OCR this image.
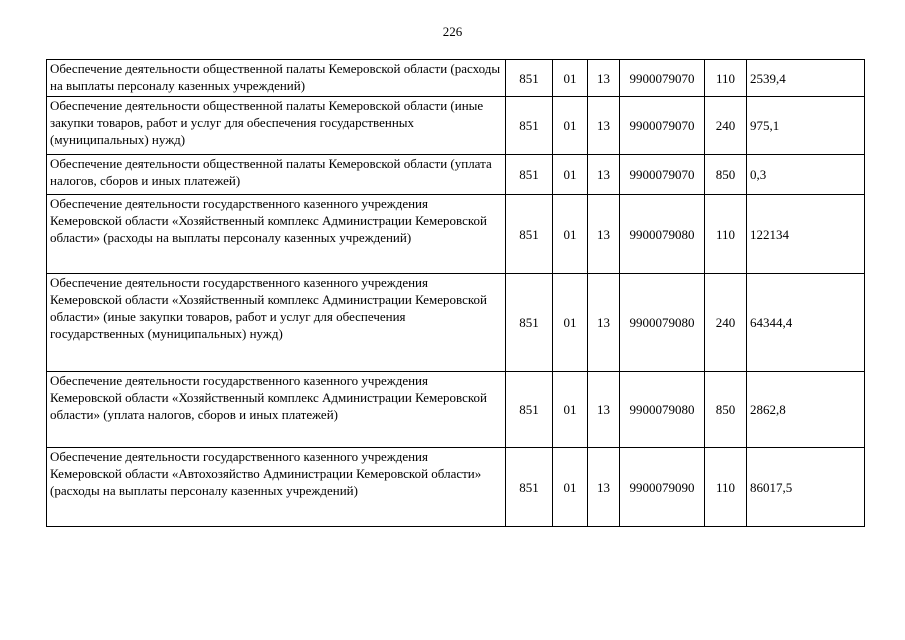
226
Обеспечение деятельности общественной палаты Кемеровской области (расходы на выплаты персоналу казенных учреждений)	851	01	13	9900079070	110	2539,4
Обеспечение деятельности общественной палаты Кемеровской области (иные закупки товаров, работ и услуг для обеспечения государственных (муниципальных) нужд)	851	01	13	9900079070	240	975,1
Обеспечение деятельности общественной палаты Кемеровской области (уплата налогов, сборов и иных платежей)	851	01	13	9900079070	850	0,3
Обеспечение деятельности государственного казенного учреждения Кемеровской области «Хозяйственный комплекс Администрации Кемеровской области» (расходы на выплаты персоналу казенных учреждений)	851	01	13	9900079080	110	122134
Обеспечение деятельности государственного казенного учреждения Кемеровской области «Хозяйственный комплекс Администрации Кемеровской области» (иные закупки товаров, работ и услуг для обеспечения государственных (муниципальных) нужд)	851	01	13	9900079080	240	64344,4
Обеспечение деятельности государственного казенного учреждения Кемеровской области «Хозяйственный комплекс Администрации Кемеровской области» (уплата налогов, сборов и иных платежей)	851	01	13	9900079080	850	2862,8
Обеспечение деятельности государственного казенного учреждения Кемеровской области «Автохозяйство Администрации Кемеровской области» (расходы на выплаты персоналу казенных учреждений)	851	01	13	9900079090	110	86017,5
